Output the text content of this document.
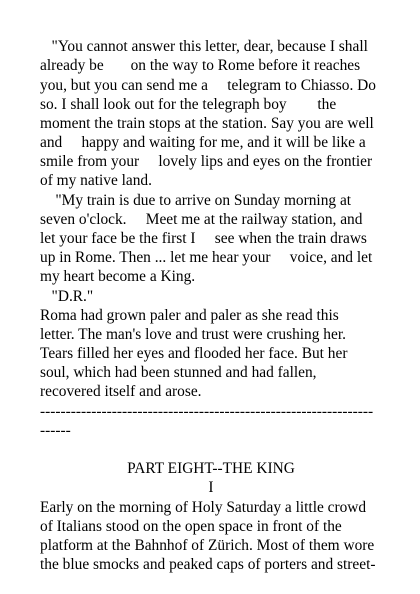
"You cannot answer this letter, dear, because I shall
already be       on the way to Rome before it reaches
you, but you can send me a     telegram to Chiasso. Do
so. I shall look out for the telegraph boy        the
moment the train stops at the station. Say you are well
and     happy and waiting for me, and it will be like a
smile from your     lovely lips and eyes on the frontier
of my native land.
"My train is due to arrive on Sunday morning at
seven o'clock.     Meet me at the railway station, and
let your face be the first I     see when the train draws
up in Rome. Then ... let me hear your     voice, and let
my heart become a King.
"D.R."
Roma had grown paler and paler as she read this
letter. The man's love and trust were crushing her.
Tears filled her eyes and flooded her face. But her
soul, which had been stunned and had fallen,
recovered itself and arose.
-----------------------------------------------------------------
------
PART EIGHT--THE KING
I
Early on the morning of Holy Saturday a little crowd
of Italians stood on the open space in front of the
platform at the Bahnhof of Zürich. Most of them wore
the blue smocks and peaked caps of porters and street-
